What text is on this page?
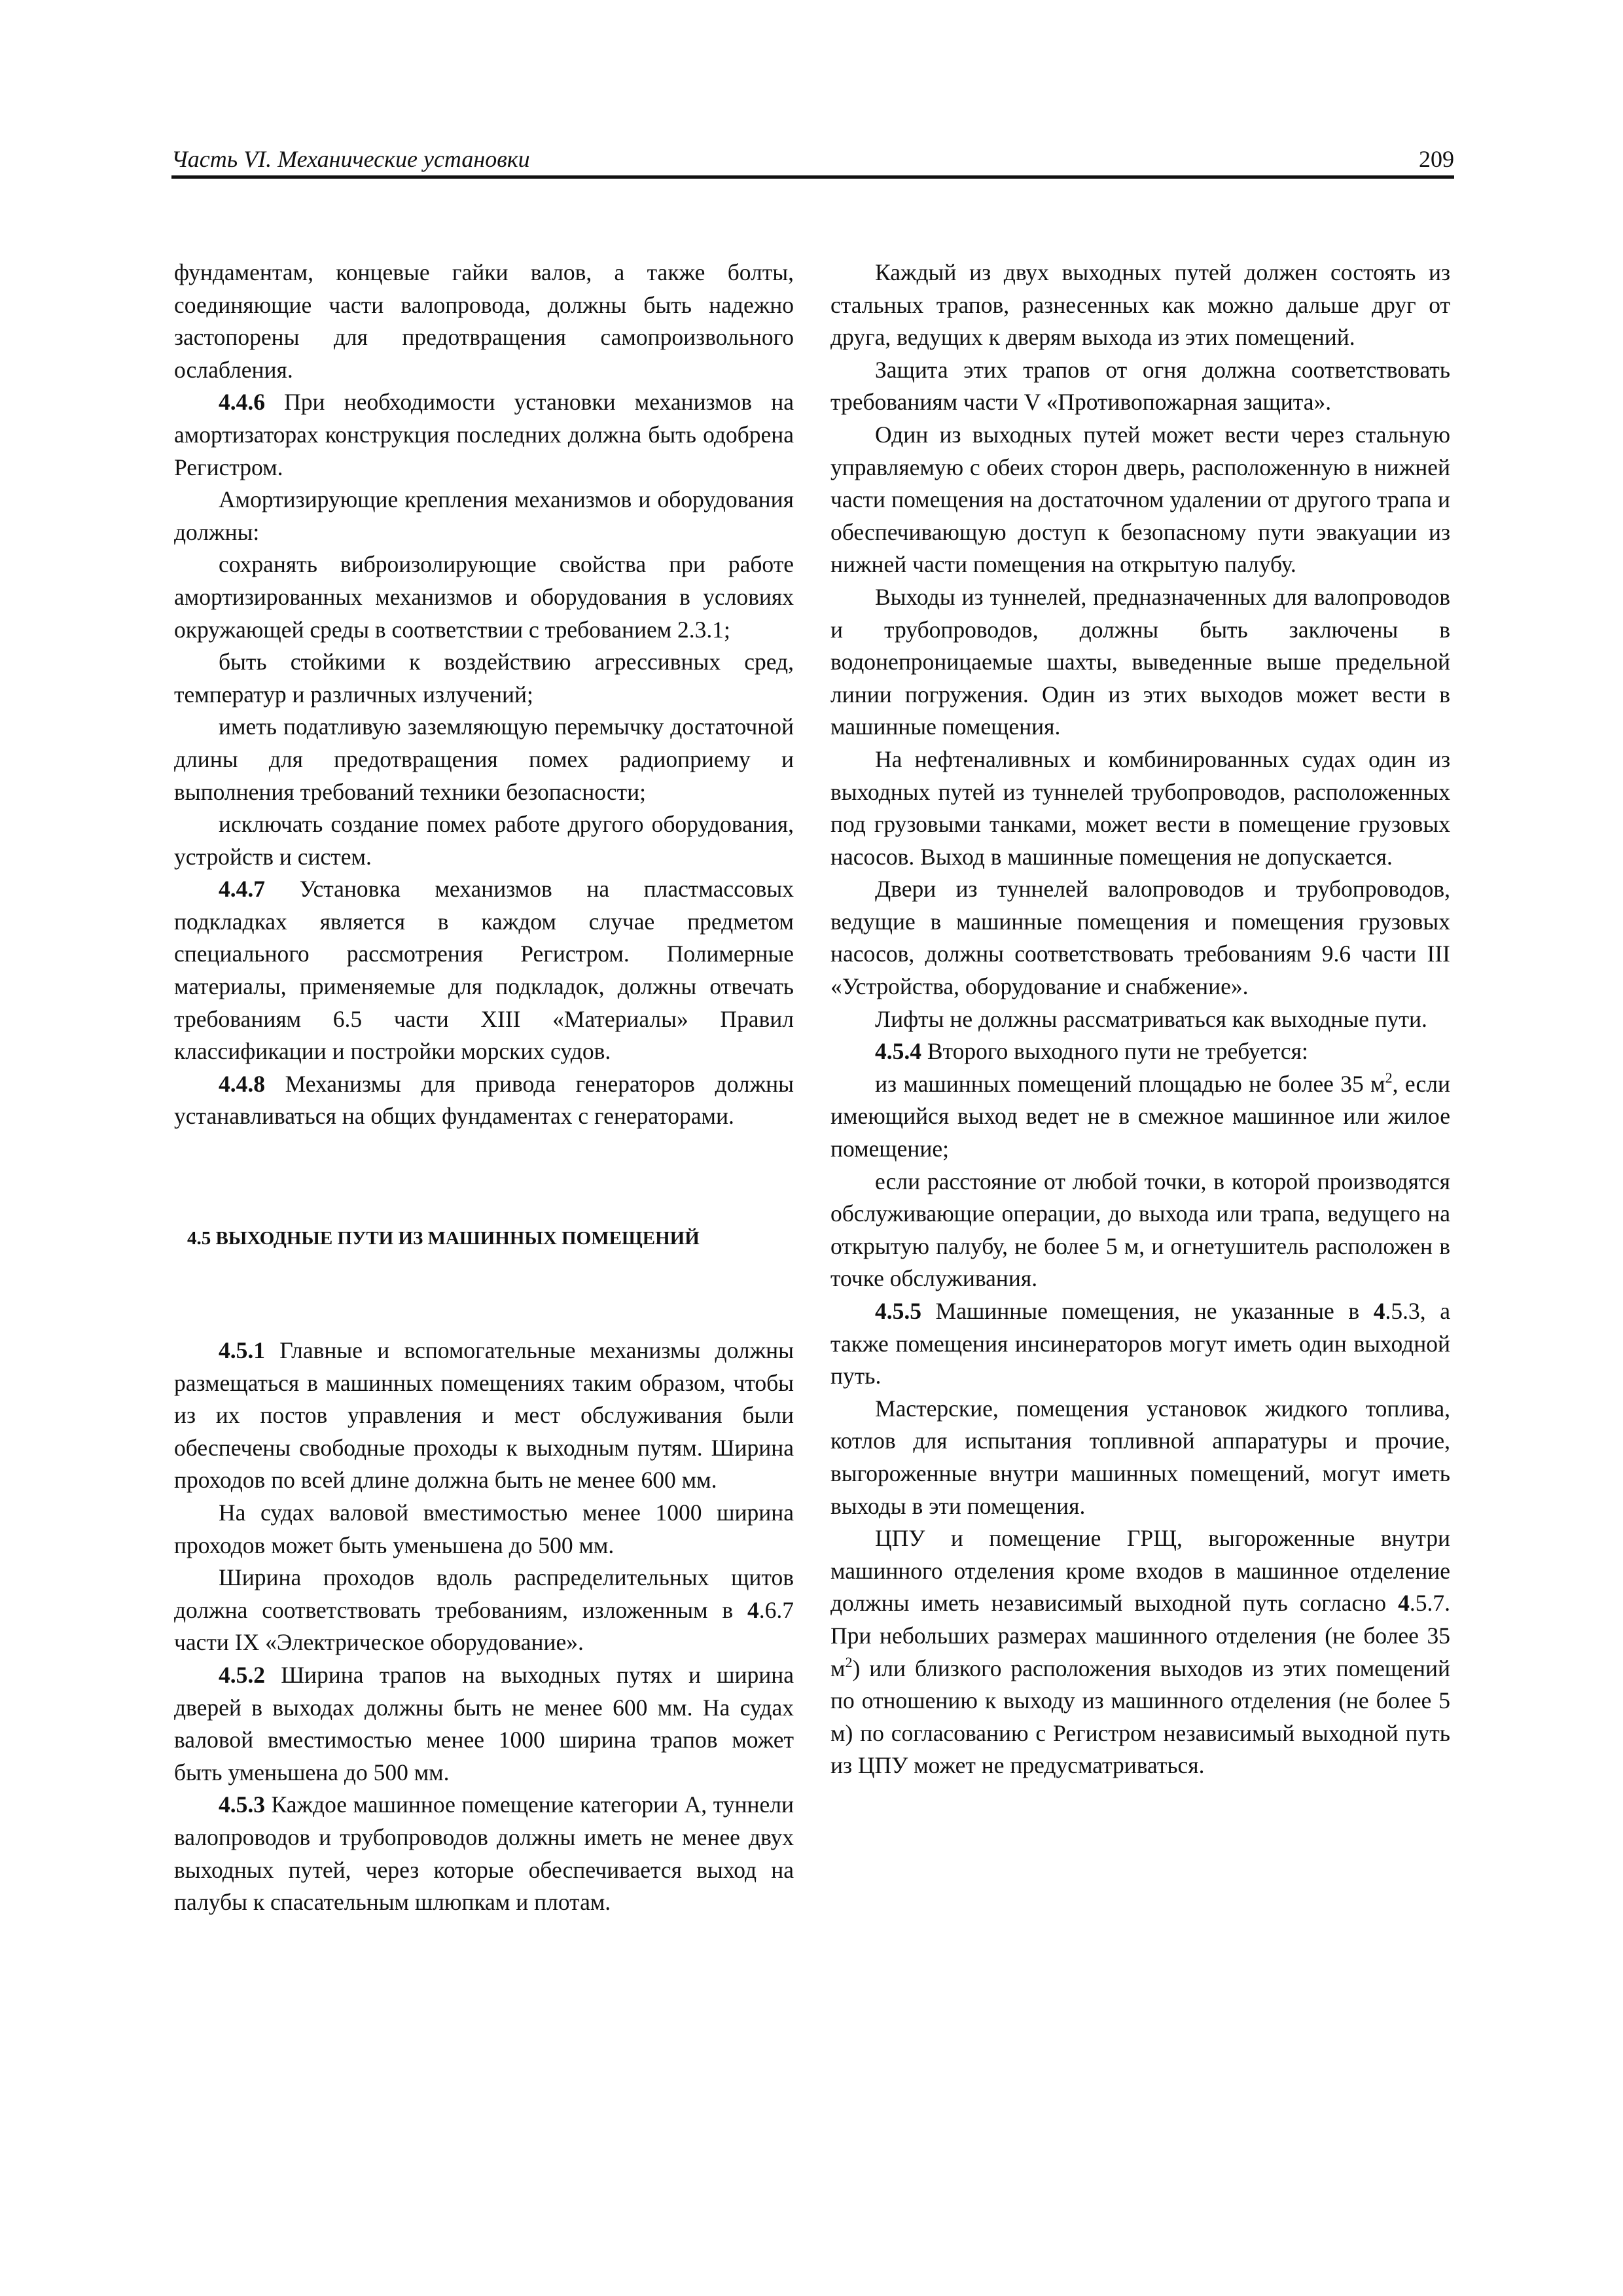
Часть VI. Механические установки	209

фундаментам, концевые гайки валов, а также болты, соединяющие части валопровода, должны быть надежно застопорены для предотвращения самопроизвольного ослабления.

4.4.6 При необходимости установки механизмов на амортизаторах конструкция последних должна быть одобрена Регистром.

Амортизирующие крепления механизмов и оборудования должны:

сохранять виброизолирующие свойства при работе амортизированных механизмов и оборудования в условиях окружающей среды в соответствии с требованием 2.3.1;

быть стойкими к воздействию агрессивных сред, температур и различных излучений;

иметь податливую заземляющую перемычку достаточной длины для предотвращения помех радиоприему и выполнения требований техники безопасности;

исключать создание помех работе другого оборудования, устройств и систем.

4.4.7 Установка механизмов на пластмассовых подкладках является в каждом случае предметом специального рассмотрения Регистром. Полимерные материалы, применяемые для подкладок, должны отвечать требованиям 6.5 части XIII «Материалы» Правил классификации и постройки морских судов.

4.4.8 Механизмы для привода генераторов должны устанавливаться на общих фундаментах с генераторами.

4.5 ВЫХОДНЫЕ ПУТИ ИЗ МАШИННЫХ ПОМЕЩЕНИЙ

4.5.1 Главные и вспомогательные механизмы должны размещаться в машинных помещениях таким образом, чтобы из их постов управления и мест обслуживания были обеспечены свободные проходы к выходным путям. Ширина проходов по всей длине должна быть не менее 600 мм.

На судах валовой вместимостью менее 1000 ширина проходов может быть уменьшена до 500 мм.

Ширина проходов вдоль распределительных щитов должна соответствовать требованиям, изложенным в 4.6.7 части IX «Электрическое оборудование».

4.5.2 Ширина трапов на выходных путях и ширина дверей в выходах должны быть не менее 600 мм. На судах валовой вместимостью менее 1000 ширина трапов может быть уменьшена до 500 мм.

4.5.3 Каждое машинное помещение категории A, туннели валопроводов и трубопроводов должны иметь не менее двух выходных путей, через которые обеспечивается выход на палубы к спасательным шлюпкам и плотам.

Каждый из двух выходных путей должен состоять из стальных трапов, разнесенных как можно дальше друг от друга, ведущих к дверям выхода из этих помещений.

Защита этих трапов от огня должна соответствовать требованиям части V «Противопожарная защита».

Один из выходных путей может вести через стальную управляемую с обеих сторон дверь, расположенную в нижней части помещения на достаточном удалении от другого трапа и обеспечивающую доступ к безопасному пути эвакуации из нижней части помещения на открытую палубу.

Выходы из туннелей, предназначенных для валопроводов и трубопроводов, должны быть заключены в водонепроницаемые шахты, выведенные выше предельной линии погружения. Один из этих выходов может вести в машинные помещения.

На нефтеналивных и комбинированных судах один из выходных путей из туннелей трубопроводов, расположенных под грузовыми танками, может вести в помещение грузовых насосов. Выход в машинные помещения не допускается.

Двери из туннелей валопроводов и трубопроводов, ведущие в машинные помещения и помещения грузовых насосов, должны соответствовать требованиям 9.6 части III «Устройства, оборудование и снабжение».

Лифты не должны рассматриваться как выходные пути.

4.5.4 Второго выходного пути не требуется:

из машинных помещений площадью не более 35 $м^2$, если имеющийся выход ведет не в смежное машинное или жилое помещение;

если расстояние от любой точки, в которой производятся обслуживающие операции, до выхода или трапа, ведущего на открытую палубу, не более 5 м, и огнетушитель расположен в точке обслуживания.

4.5.5 Машинные помещения, не указанные в 4.5.3, а также помещения инсинераторов могут иметь один выходной путь.

Мастерские, помещения установок жидкого топлива, котлов для испытания топливной аппаратуры и прочие, выгороженные внутри машинных помещений, могут иметь выходы в эти помещения.

ЦПУ и помещение ГРЩ, выгороженные внутри машинного отделения кроме входов в машинное отделение должны иметь независимый выходной путь согласно 4.5.7. При небольших размерах машинного отделения (не более 35 $м^2$) или близкого расположения выходов из этих помещений по отношению к выходу из машинного отделения (не более 5 м) по согласованию с Регистром независимый выходной путь из ЦПУ может не предусматриваться.
